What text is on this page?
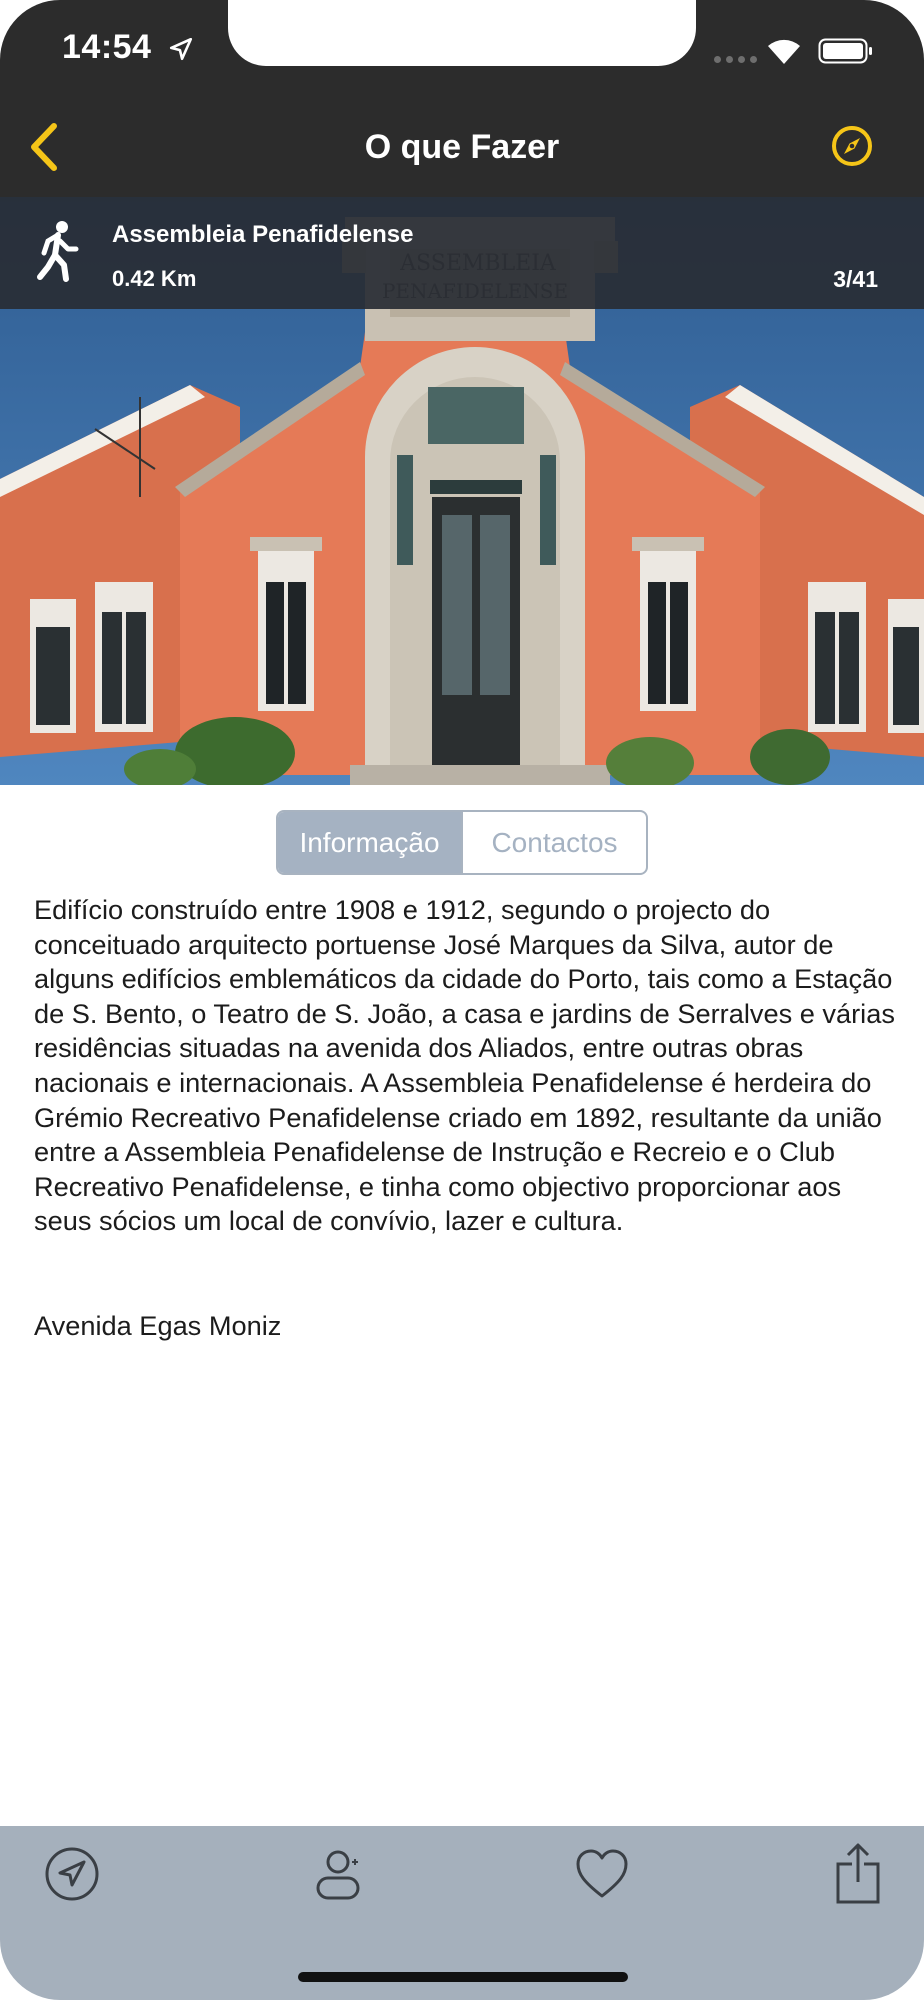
14:54
O que Fazer
Assembleia Penafidelense
0.42 Km	3/41
Informação	Contactos
Edifício construído entre 1908 e 1912, segundo o projecto do conceituado arquitecto portuense José Marques da Silva, autor de alguns edifícios emblemáticos da cidade do Porto, tais como a Estação de S. Bento, o Teatro de S. João, a casa e jardins de Serralves e várias residências situadas na avenida dos Aliados, entre outras obras nacionais e internacionais. A Assembleia Penafidelense é herdeira do Grémio Recreativo Penafidelense criado em 1892, resultante da união entre a Assembleia Penafidelense de Instrução e Recreio e o Club Recreativo Penafidelense, e tinha como objectivo proporcionar aos seus sócios um local de convívio, lazer e cultura.
Avenida Egas Moniz
